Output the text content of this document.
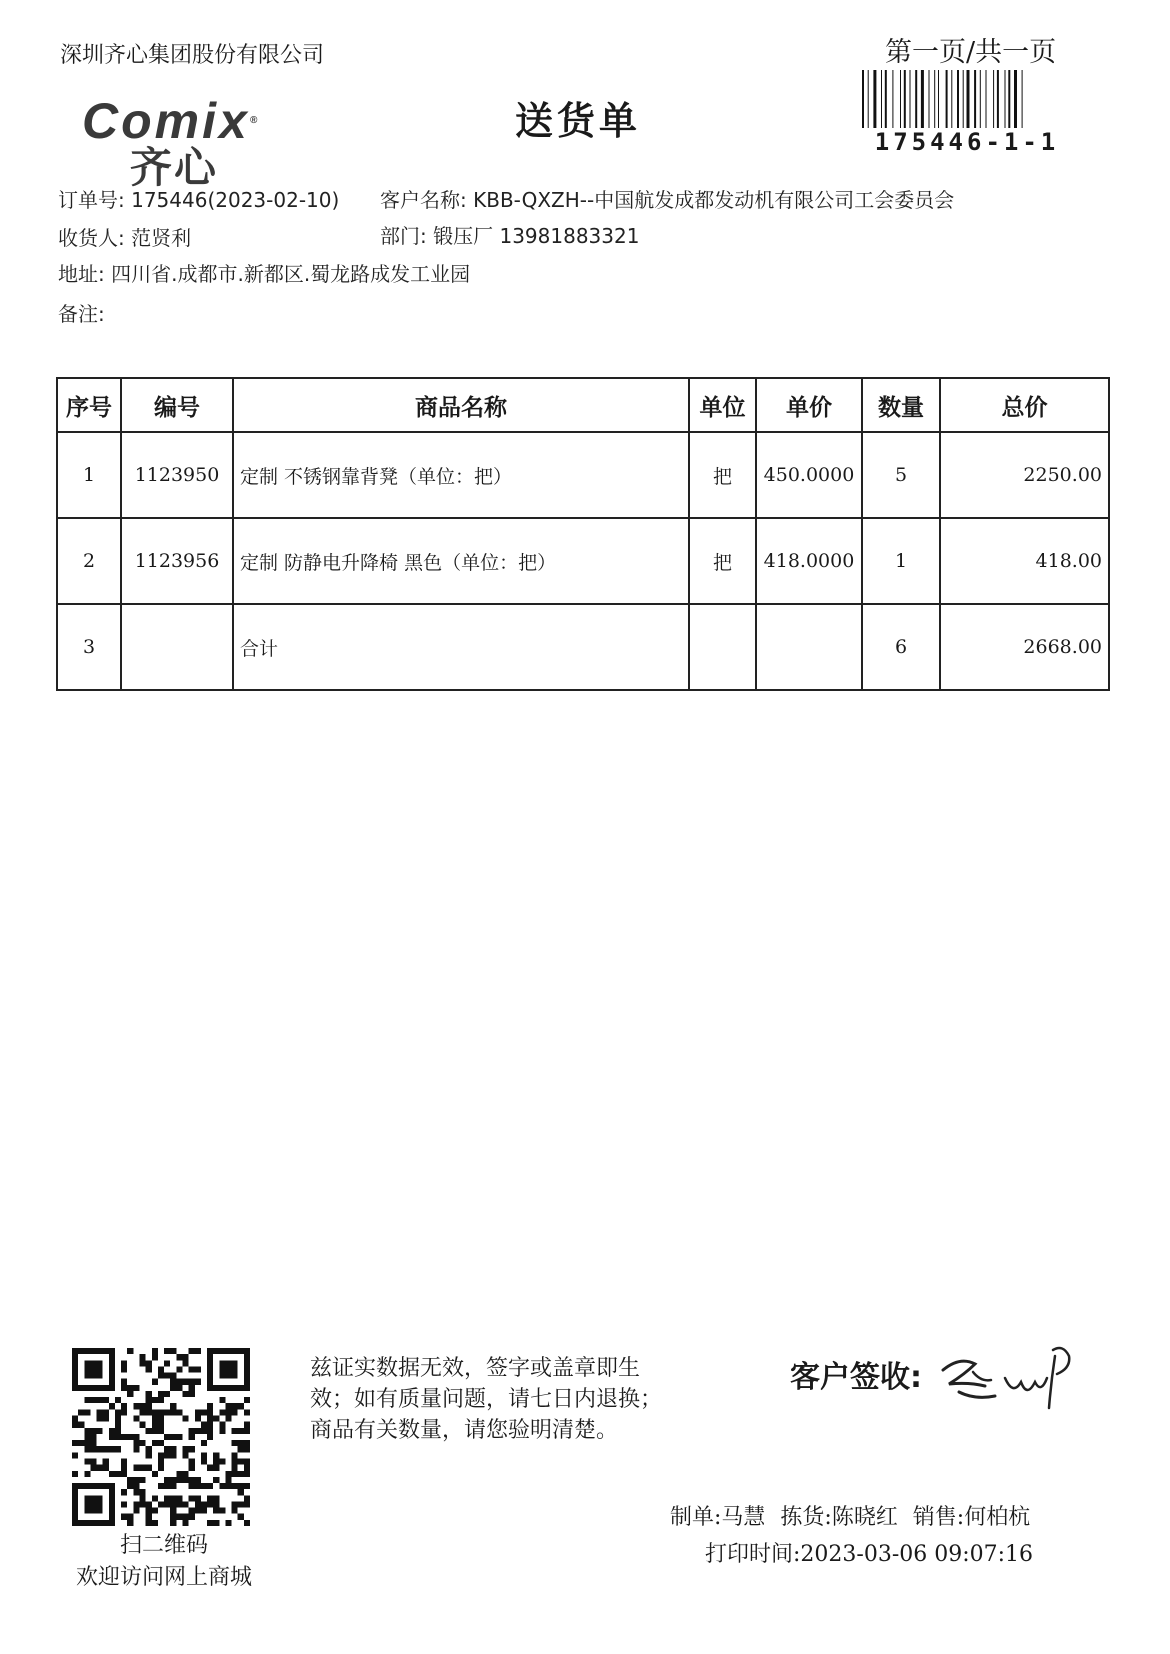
深圳齐心集团股份有限公司	第一页/共一页
175446-1-1
Comix®
齐心
送货单
订单号: 175446(2023-02-10) 客户名称: KBB-QXZH--中国航发成都发动机有限公司工会委员会
收货人: 范贤利	部门: 锻压厂 13981883321
地址: 四川省.成都市.新都区.蜀龙路成发工业园
备注:
序号	编号	商品名称	单位	单价	数量	总价
1	1123950	定制 不锈钢靠背凳（单位：把）	把	450.0000	5	2250.00
2	1123956	定制 防静电升降椅 黑色（单位：把）	把	418.0000	1	418.00
3		合计			6	2668.00
扫二维码
欢迎访问网上商城
兹证实数据无效，签字或盖章即生
效；如有质量问题，请七日内退换；
商品有关数量，请您验明清楚。
客户签收:
制单:马慧 拣货:陈晓红 销售:何柏杭
打印时间:2023-03-06 09:07:16
